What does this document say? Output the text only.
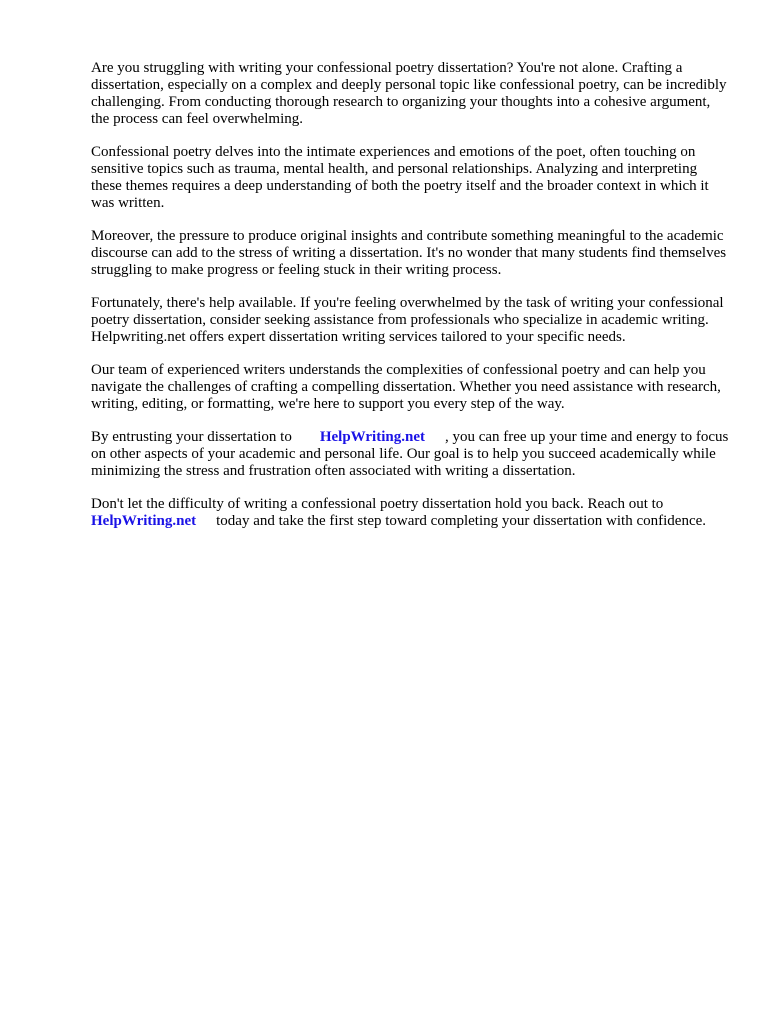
Are you struggling with writing your confessional poetry dissertation? You're not alone. Crafting a dissertation, especially on a complex and deeply personal topic like confessional poetry, can be incredibly challenging. From conducting thorough research to organizing your thoughts into a cohesive argument, the process can feel overwhelming.

Confessional poetry delves into the intimate experiences and emotions of the poet, often touching on sensitive topics such as trauma, mental health, and personal relationships. Analyzing and interpreting these themes requires a deep understanding of both the poetry itself and the broader context in which it was written.

Moreover, the pressure to produce original insights and contribute something meaningful to the academic discourse can add to the stress of writing a dissertation. It's no wonder that many students find themselves struggling to make progress or feeling stuck in their writing process.

Fortunately, there's help available. If you're feeling overwhelmed by the task of writing your confessional poetry dissertation, consider seeking assistance from professionals who specialize in academic writing. Helpwriting.net offers expert dissertation writing services tailored to your specific needs.

Our team of experienced writers understands the complexities of confessional poetry and can help you navigate the challenges of crafting a compelling dissertation. Whether you need assistance with research, writing, editing, or formatting, we're here to support you every step of the way.

By entrusting your dissertation to HelpWriting.net , you can free up your time and energy to focus on other aspects of your academic and personal life. Our goal is to help you succeed academically while minimizing the stress and frustration often associated with writing a dissertation.

Don't let the difficulty of writing a confessional poetry dissertation hold you back. Reach out to
HelpWriting.net today and take the first step toward completing your dissertation with confidence.
